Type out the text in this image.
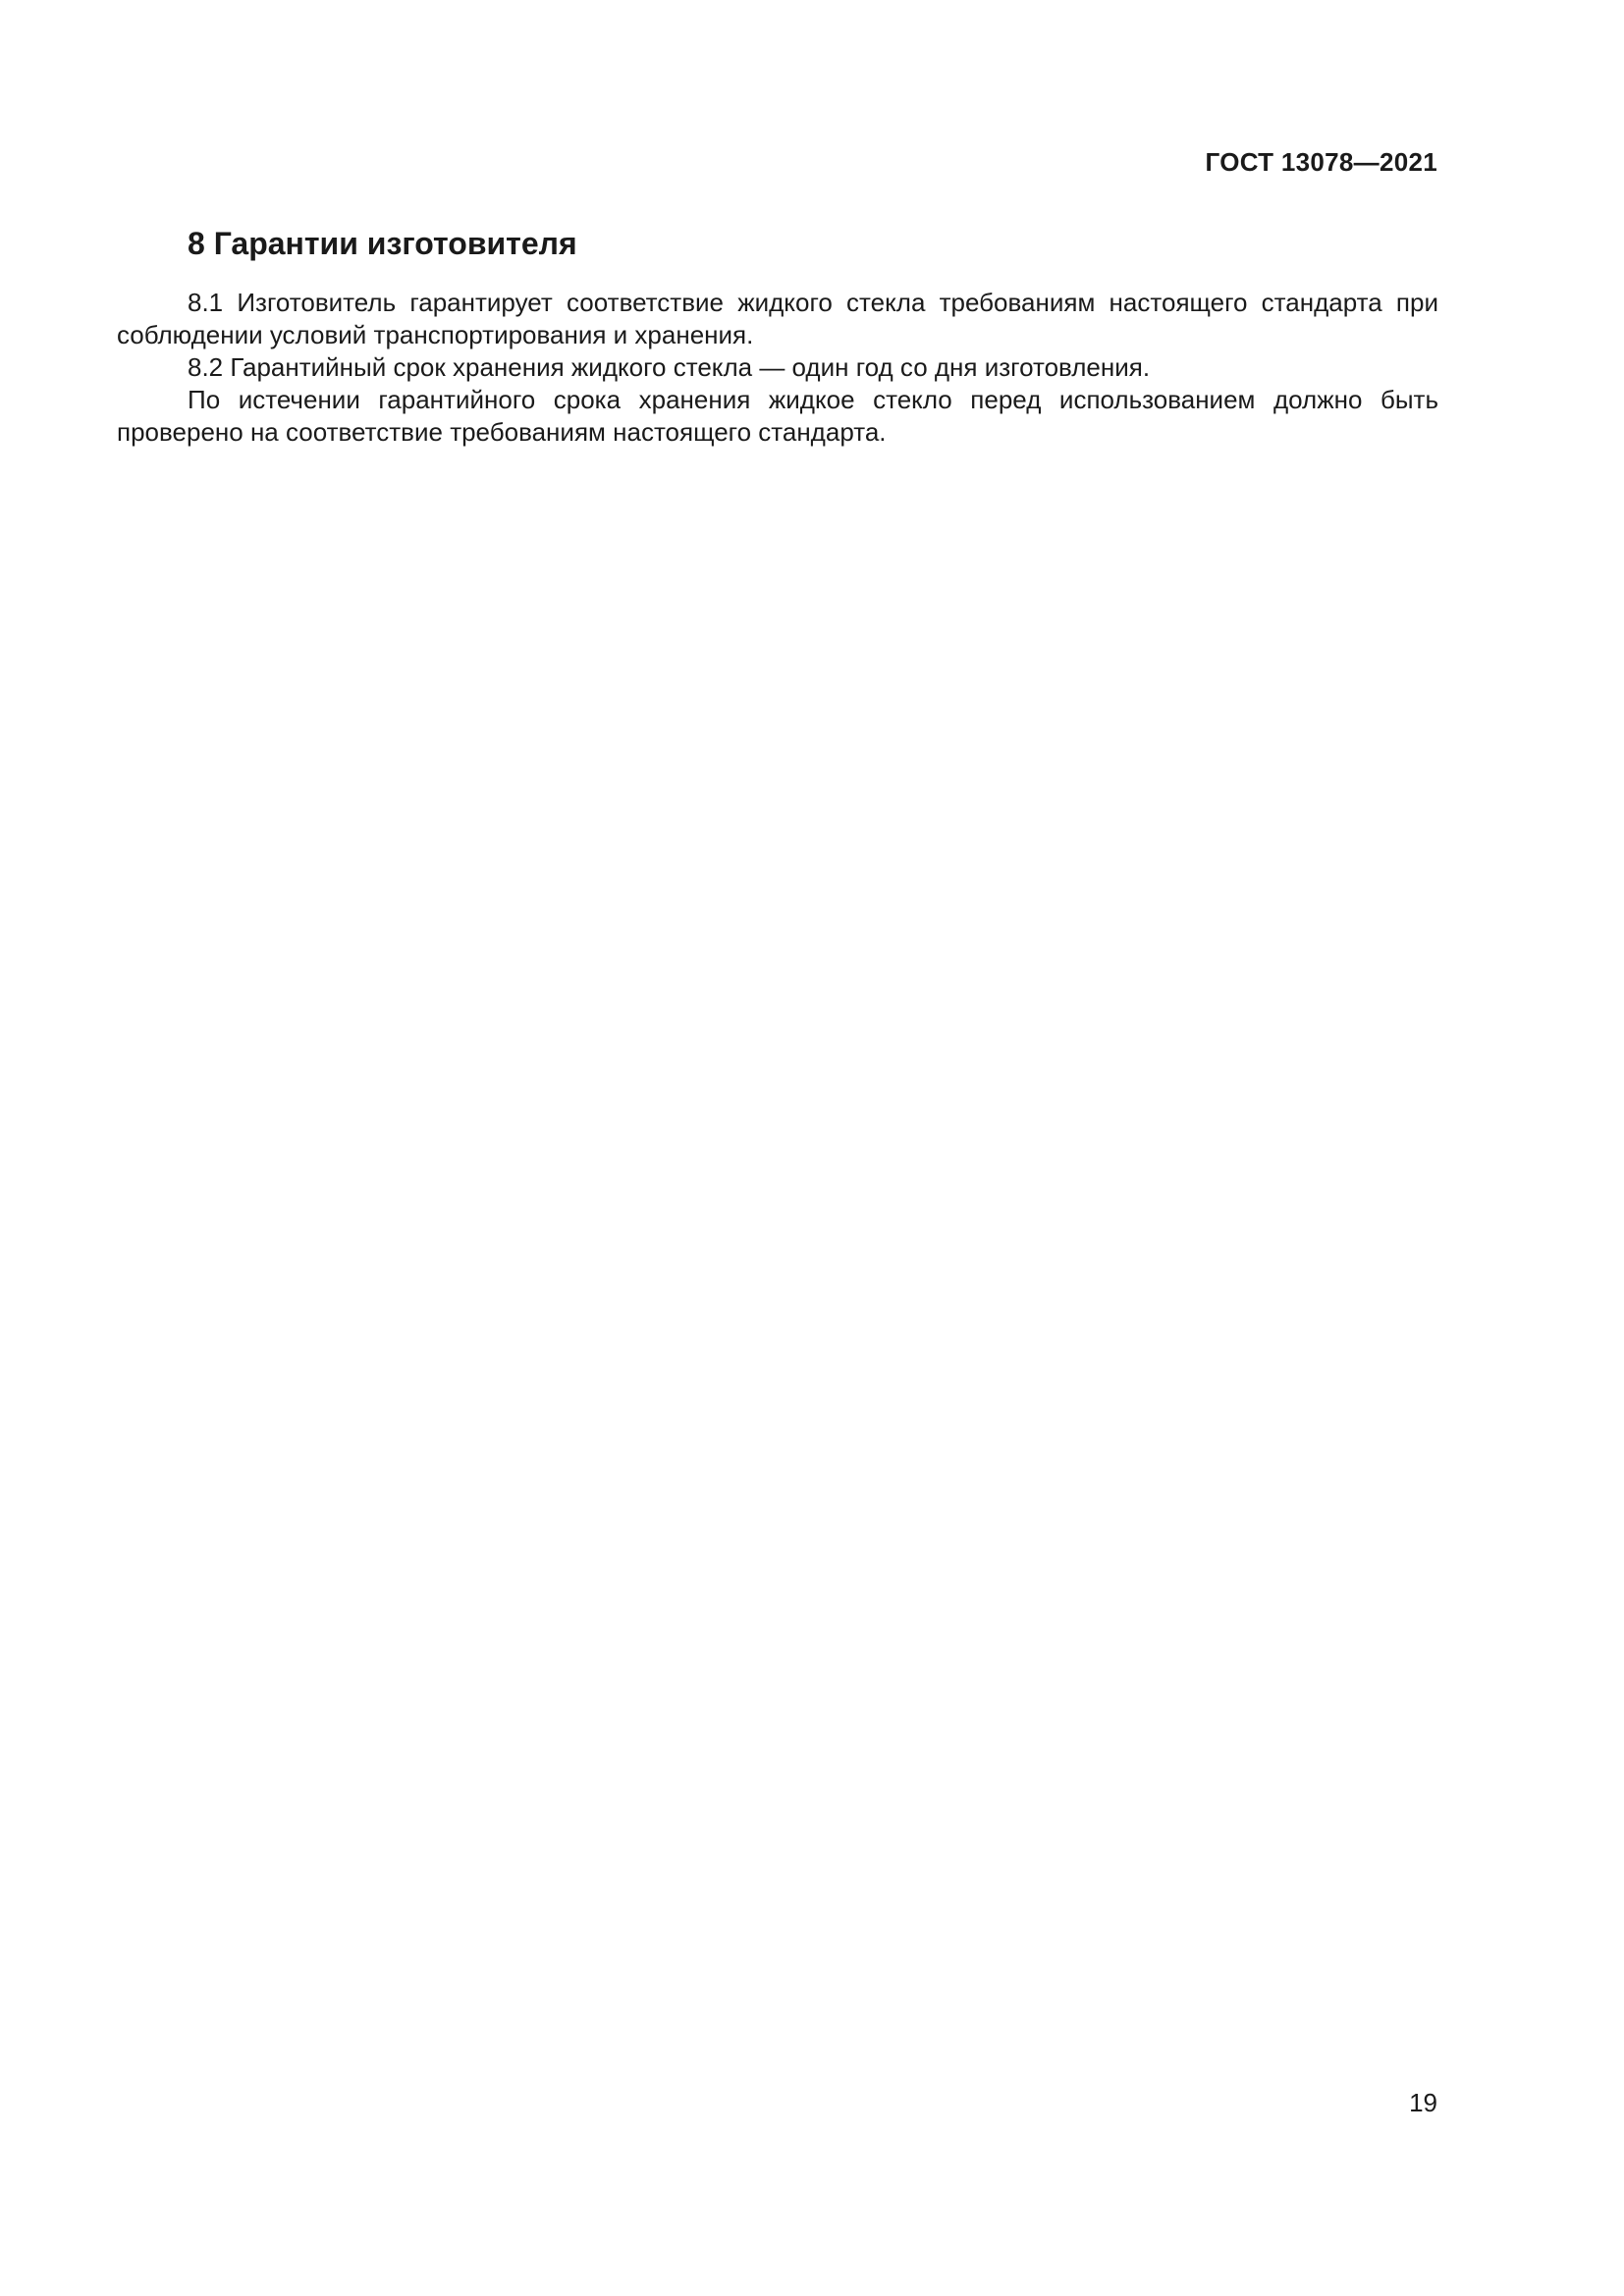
ГОСТ 13078—2021
8 Гарантии изготовителя

8.1 Изготовитель гарантирует соответствие жидкого стекла требованиям настоящего стандарта при соблюдении условий транспортирования и хранения.

8.2 Гарантийный срок хранения жидкого стекла — один год со дня изготовления.

По истечении гарантийного срока хранения жидкое стекло перед использованием должно быть проверено на соответствие требованиям настоящего стандарта.

19
